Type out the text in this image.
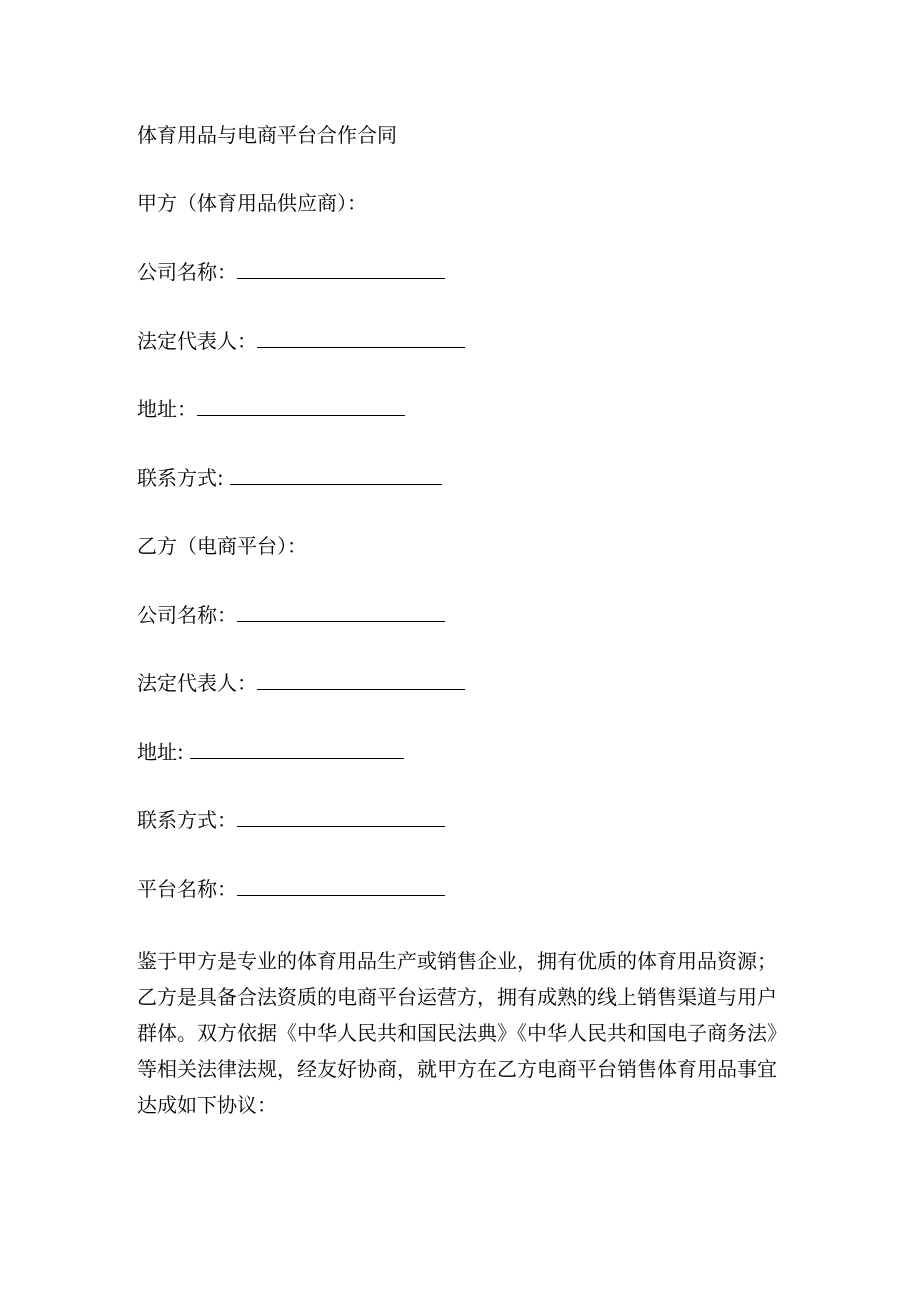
体育用品与电商平台合作合同
甲方（体育用品供应商）：
公司名称：
法定代表人：
地址：
联系方式:
乙方（电商平台）：
公司名称：
法定代表人：
地址:
联系方式：
平台名称：
鉴于甲方是专业的体育用品生产或销售企业，拥有优质的体育用品资源；
乙方是具备合法资质的电商平台运营方，拥有成熟的线上销售渠道与用户
群体。双方依据《中华人民共和国民法典》《中华人民共和国电子商务法》
等相关法律法规，经友好协商，就甲方在乙方电商平台销售体育用品事宜
达成如下协议：
